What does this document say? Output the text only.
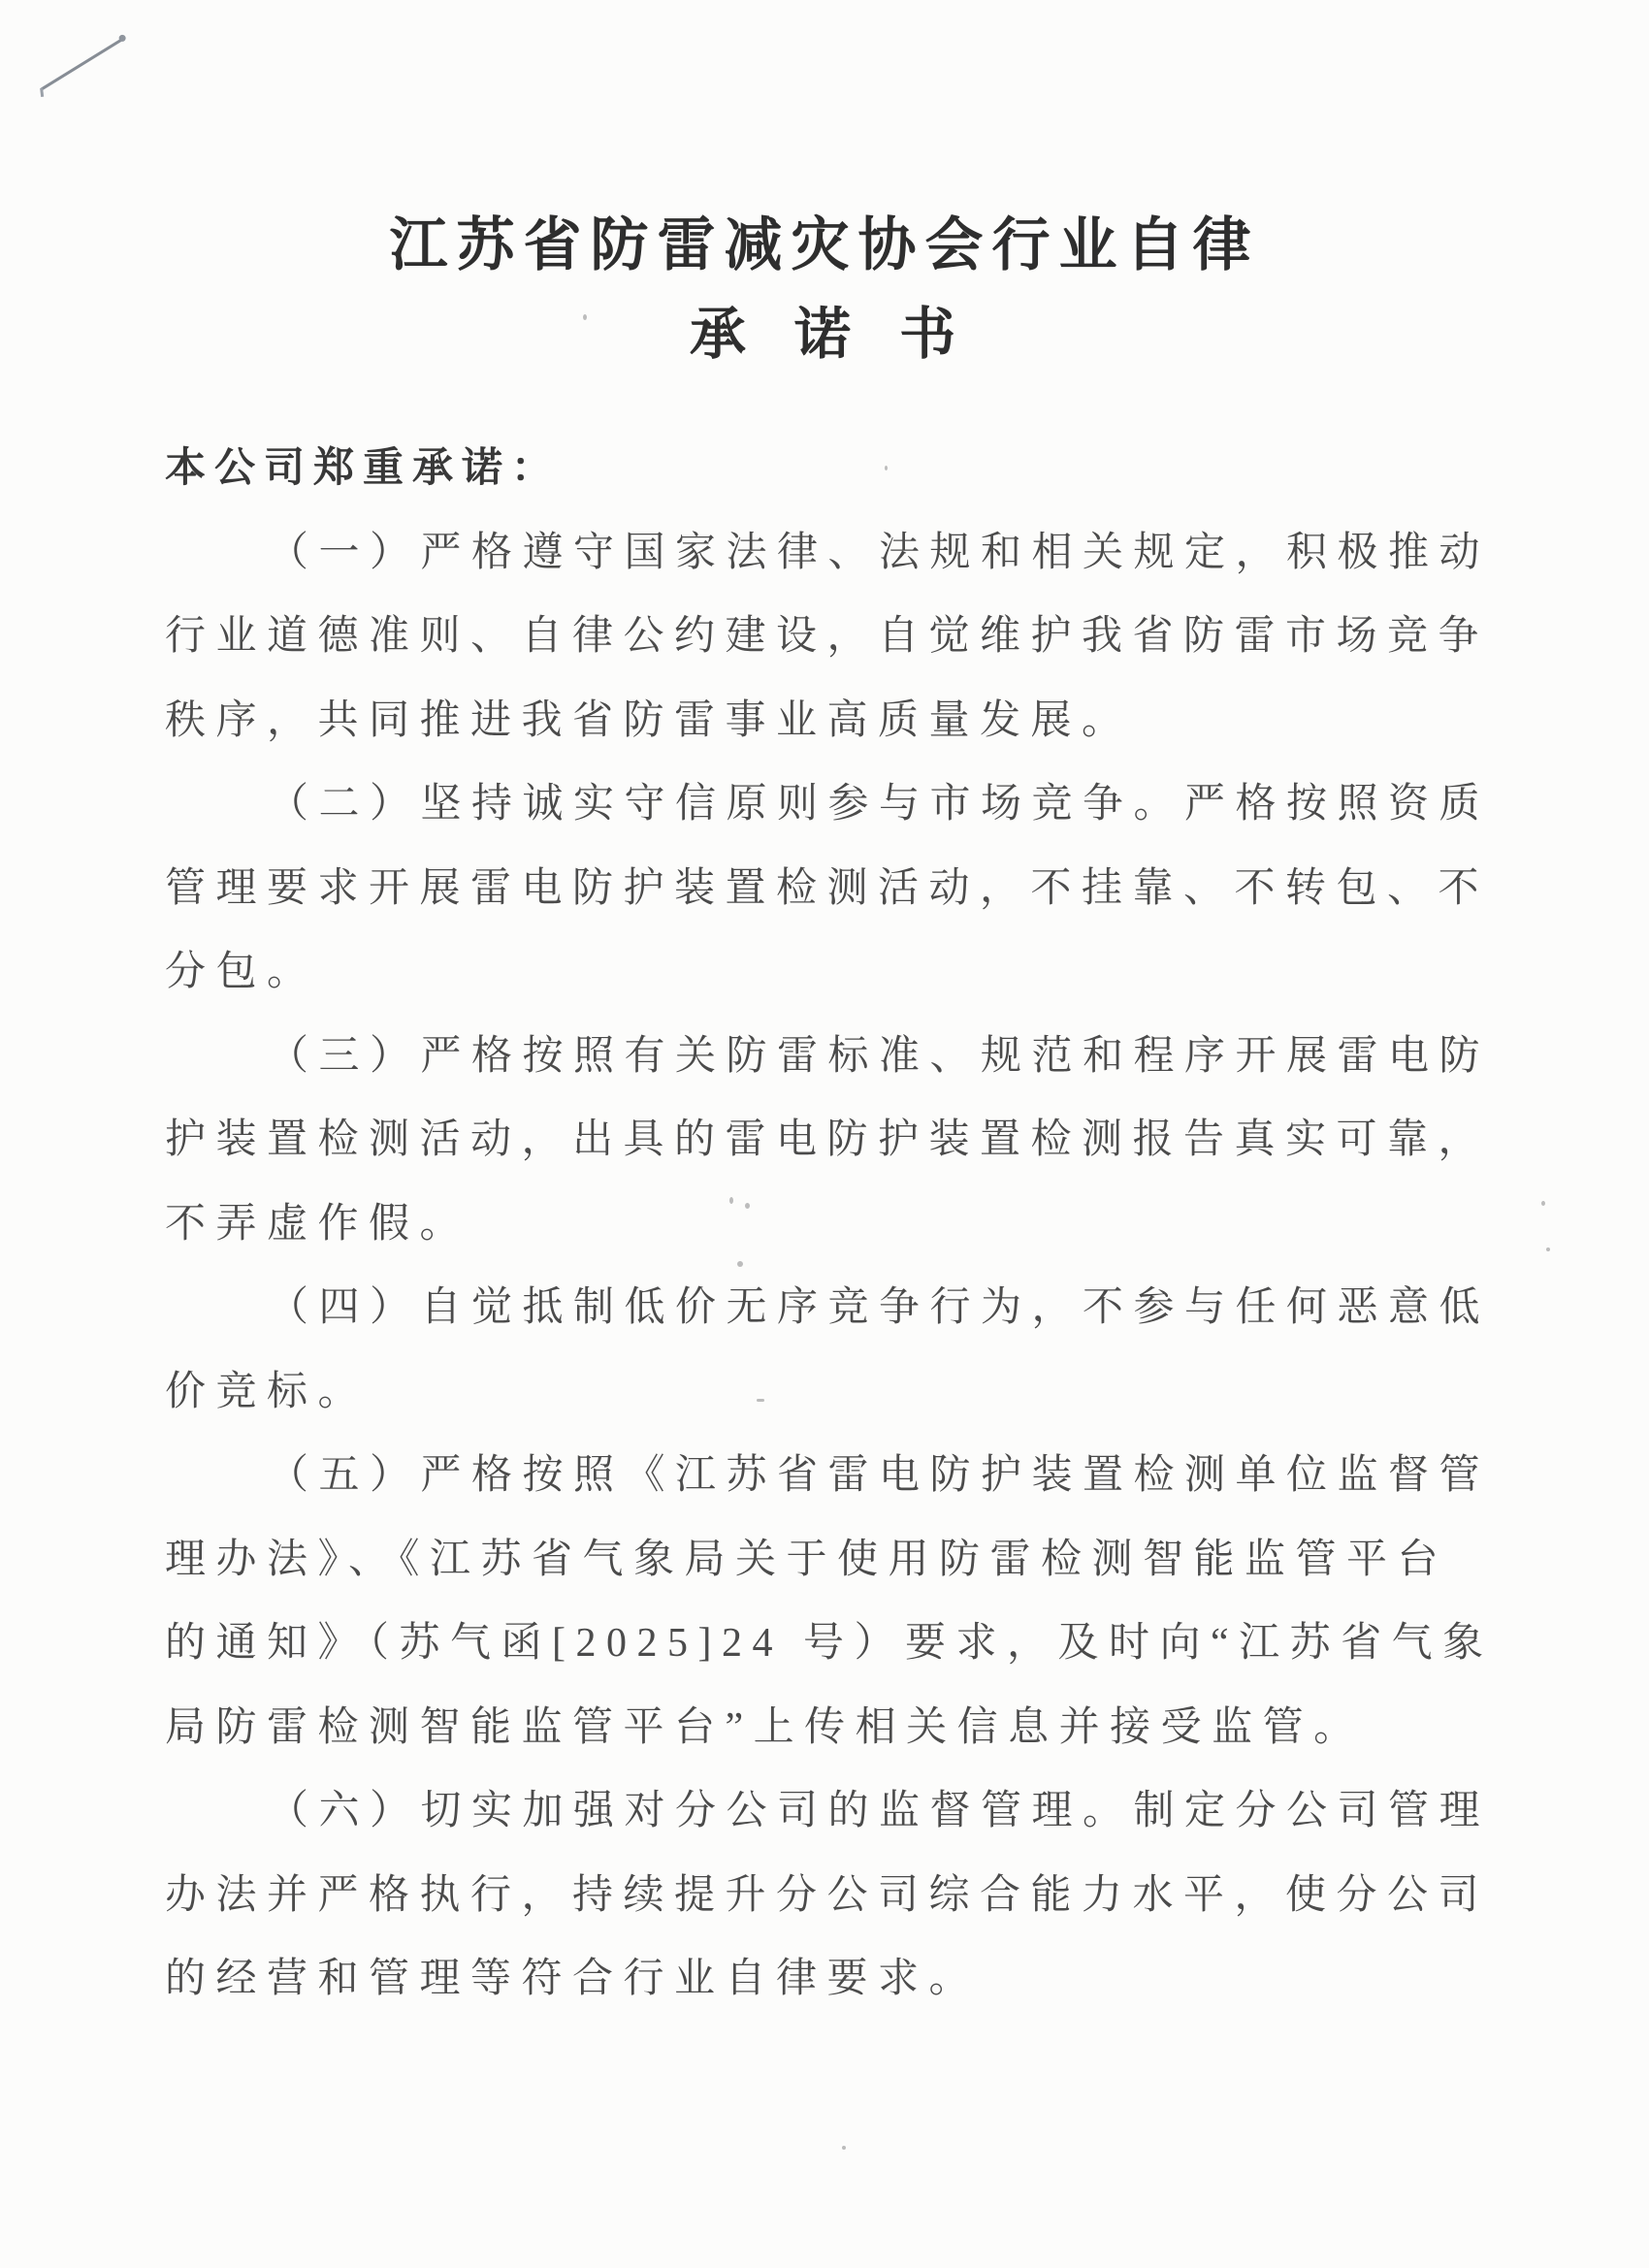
江苏省防雷减灾协会行业自律
承 诺 书
本公司郑重承诺：
（一）严格遵守国家法律、法规和相关规定，积极推动
行业道德准则、自律公约建设，自觉维护我省防雷市场竞争
秩序，共同推进我省防雷事业高质量发展。
（二）坚持诚实守信原则参与市场竞争。严格按照资质
管理要求开展雷电防护装置检测活动，不挂靠、不转包、不
分包。
（三）严格按照有关防雷标准、规范和程序开展雷电防
护装置检测活动，出具的雷电防护装置检测报告真实可靠，
不弄虚作假。
（四）自觉抵制低价无序竞争行为，不参与任何恶意低
价竞标。
（五）严格按照《江苏省雷电防护装置检测单位监督管
理办法》、《江苏省气象局关于使用防雷检测智能监管平台
的通知》（苏气函[2025]24 号）要求，及时向“江苏省气象
局防雷检测智能监管平台”上传相关信息并接受监管。
（六）切实加强对分公司的监督管理。制定分公司管理
办法并严格执行，持续提升分公司综合能力水平，使分公司
的经营和管理等符合行业自律要求。
